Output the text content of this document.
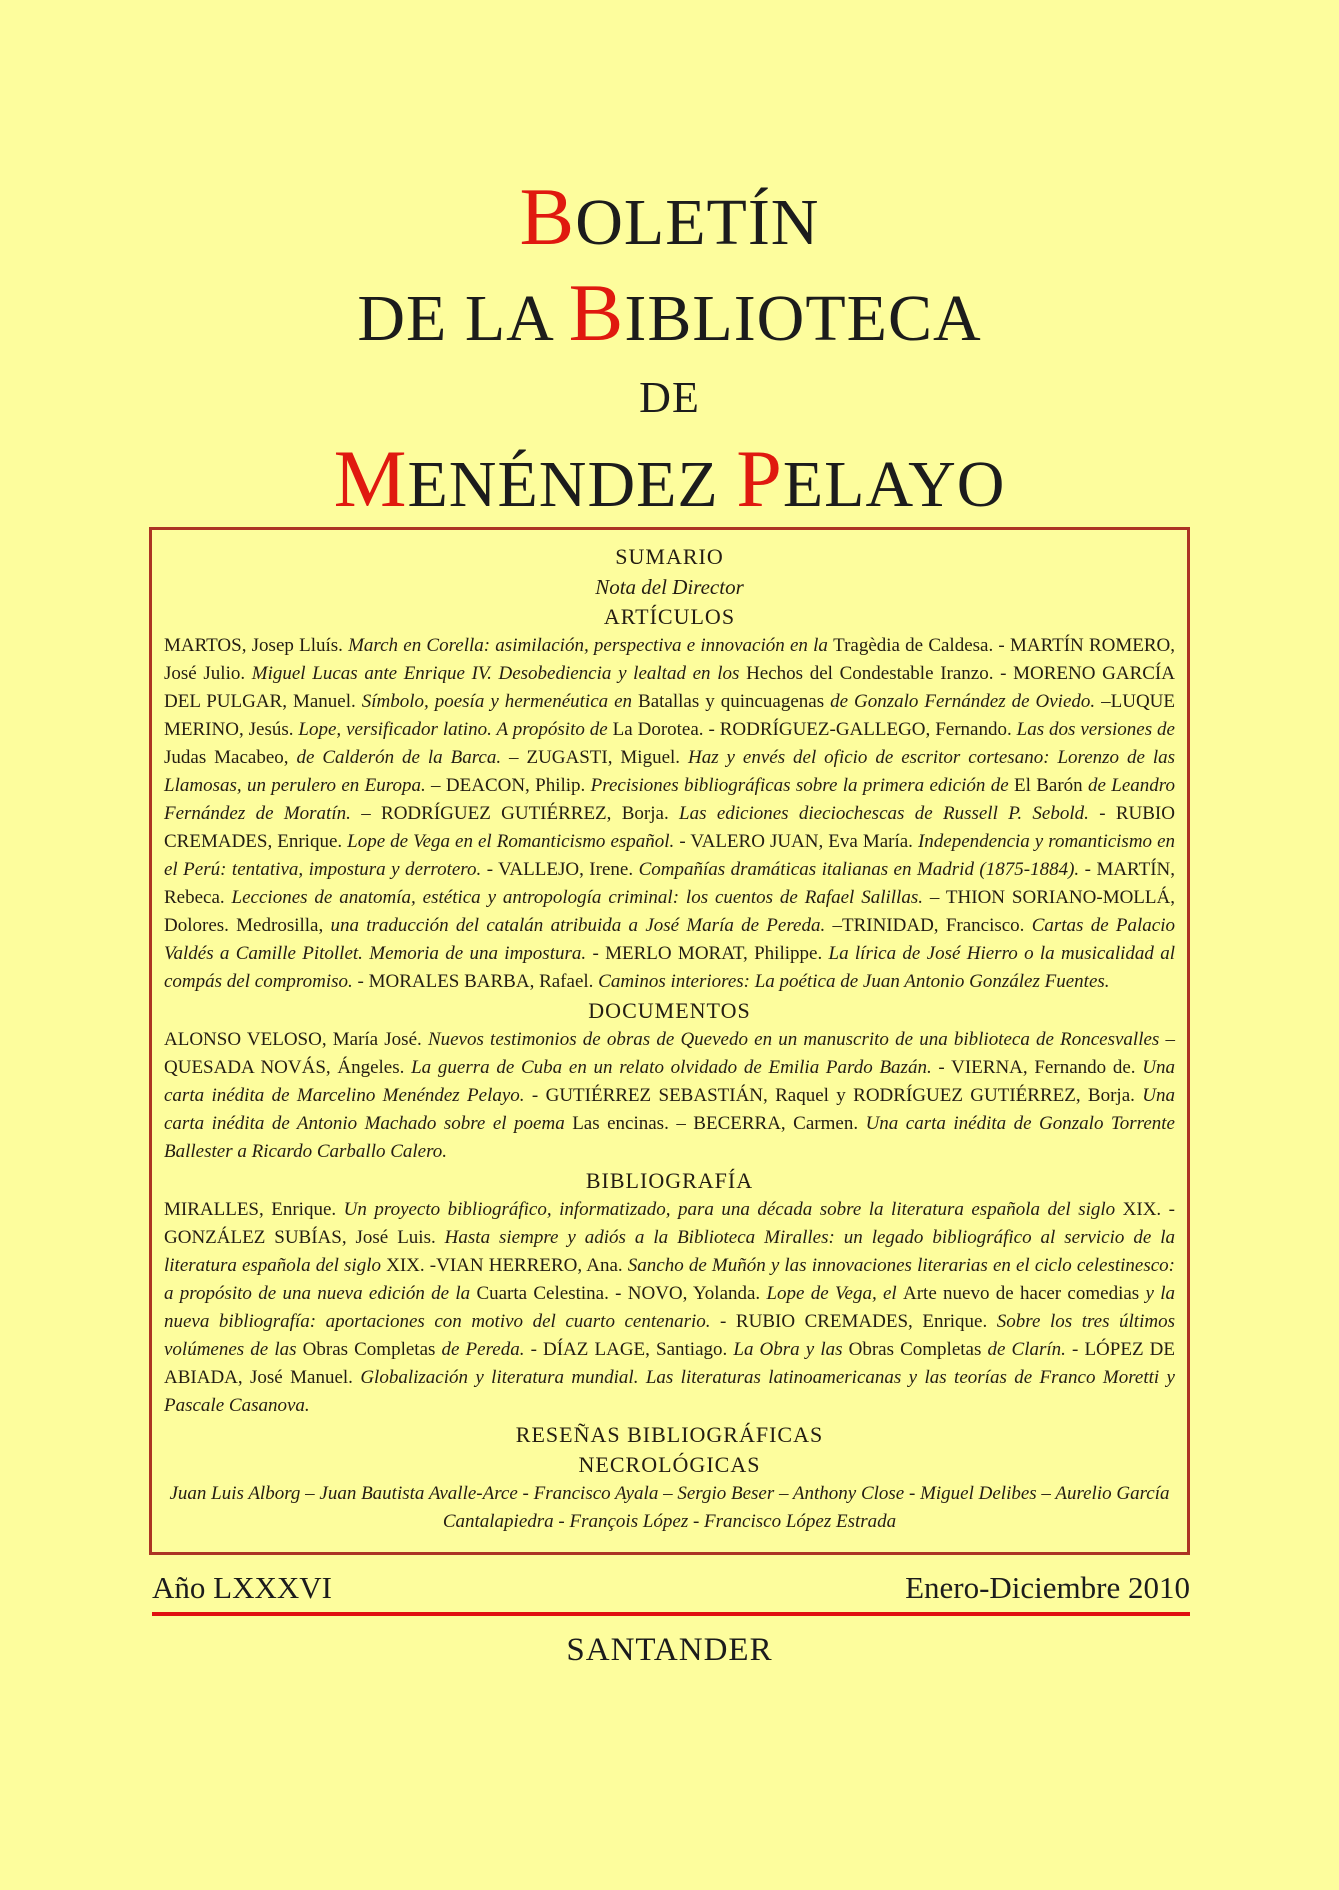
BOLETÍN
DE LA BIBLIOTECA
DE
MENÉNDEZ PELAYO
SUMARIO
Nota del Director
ARTÍCULOS

MARTOS, Josep Lluís. March en Corella: asimilación, perspectiva e innovación en la Tragèdia de Caldesa. - MARTÍN ROMERO, José Julio. Miguel Lucas ante Enrique IV. Desobediencia y lealtad en los Hechos del Condestable Iranzo. - MORENO GARCÍA DEL PULGAR, Manuel. Símbolo, poesía y hermenéutica en Batallas y quincuagenas de Gonzalo Fernández de Oviedo. –LUQUE MERINO, Jesús. Lope, versificador latino. A propósito de La Dorotea. - RODRÍGUEZ-GALLEGO, Fernando. Las dos versiones de Judas Macabeo, de Calderón de la Barca. – ZUGASTI, Miguel. Haz y envés del oficio de escritor cortesano: Lorenzo de las Llamosas, un perulero en Europa. – DEACON, Philip. Precisiones bibliográficas sobre la primera edición de El Barón de Leandro Fernández de Moratín. – RODRÍGUEZ GUTIÉRREZ, Borja. Las ediciones dieciochescas de Russell P. Sebold. - RUBIO CREMADES, Enrique. Lope de Vega en el Romanticismo español. - VALERO JUAN, Eva María. Independencia y romanticismo en el Perú: tentativa, impostura y derrotero. - VALLEJO, Irene. Compañías dramáticas italianas en Madrid (1875-1884). - MARTÍN, Rebeca. Lecciones de anatomía, estética y antropología criminal: los cuentos de Rafael Salillas. – THION SORIANO-MOLLÁ, Dolores. Medrosilla, una traducción del catalán atribuida a José María de Pereda. –TRINIDAD, Francisco. Cartas de Palacio Valdés a Camille Pitollet. Memoria de una impostura. - MERLO MORAT, Philippe. La lírica de José Hierro o la musicalidad al compás del compromiso. - MORALES BARBA, Rafael. Caminos interiores: La poética de Juan Antonio González Fuentes.

DOCUMENTOS

ALONSO VELOSO, María José. Nuevos testimonios de obras de Quevedo en un manuscrito de una biblioteca de Roncesvalles – QUESADA NOVÁS, Ángeles. La guerra de Cuba en un relato olvidado de Emilia Pardo Bazán. - VIERNA, Fernando de. Una carta inédita de Marcelino Menéndez Pelayo. - GUTIÉRREZ SEBASTIÁN, Raquel y RODRÍGUEZ GUTIÉRREZ, Borja. Una carta inédita de Antonio Machado sobre el poema Las encinas. – BECERRA, Carmen. Una carta inédita de Gonzalo Torrente Ballester a Ricardo Carballo Calero.

BIBLIOGRAFÍA

MIRALLES, Enrique. Un proyecto bibliográfico, informatizado, para una década sobre la literatura española del siglo XIX. - GONZÁLEZ SUBÍAS, José Luis. Hasta siempre y adiós a la Biblioteca Miralles: un legado bibliográfico al servicio de la literatura española del siglo XIX. -VIAN HERRERO, Ana. Sancho de Muñón y las innovaciones literarias en el ciclo celestinesco: a propósito de una nueva edición de la Cuarta Celestina. - NOVO, Yolanda. Lope de Vega, el Arte nuevo de hacer comedias y la nueva bibliografía: aportaciones con motivo del cuarto centenario. - RUBIO CREMADES, Enrique. Sobre los tres últimos volúmenes de las Obras Completas de Pereda. - DÍAZ LAGE, Santiago. La Obra y las Obras Completas de Clarín. - LÓPEZ DE ABIADA, José Manuel. Globalización y literatura mundial. Las literaturas latinoamericanas y las teorías de Franco Moretti y Pascale Casanova.

RESEÑAS BIBLIOGRÁFICAS
NECROLÓGICAS

Juan Luis Alborg – Juan Bautista Avalle-Arce - Francisco Ayala – Sergio Beser – Anthony Close - Miguel Delibes – Aurelio García Cantalapiedra - François López - Francisco López Estrada

Año LXXXVI	Enero-Diciembre 2010
SANTANDER
